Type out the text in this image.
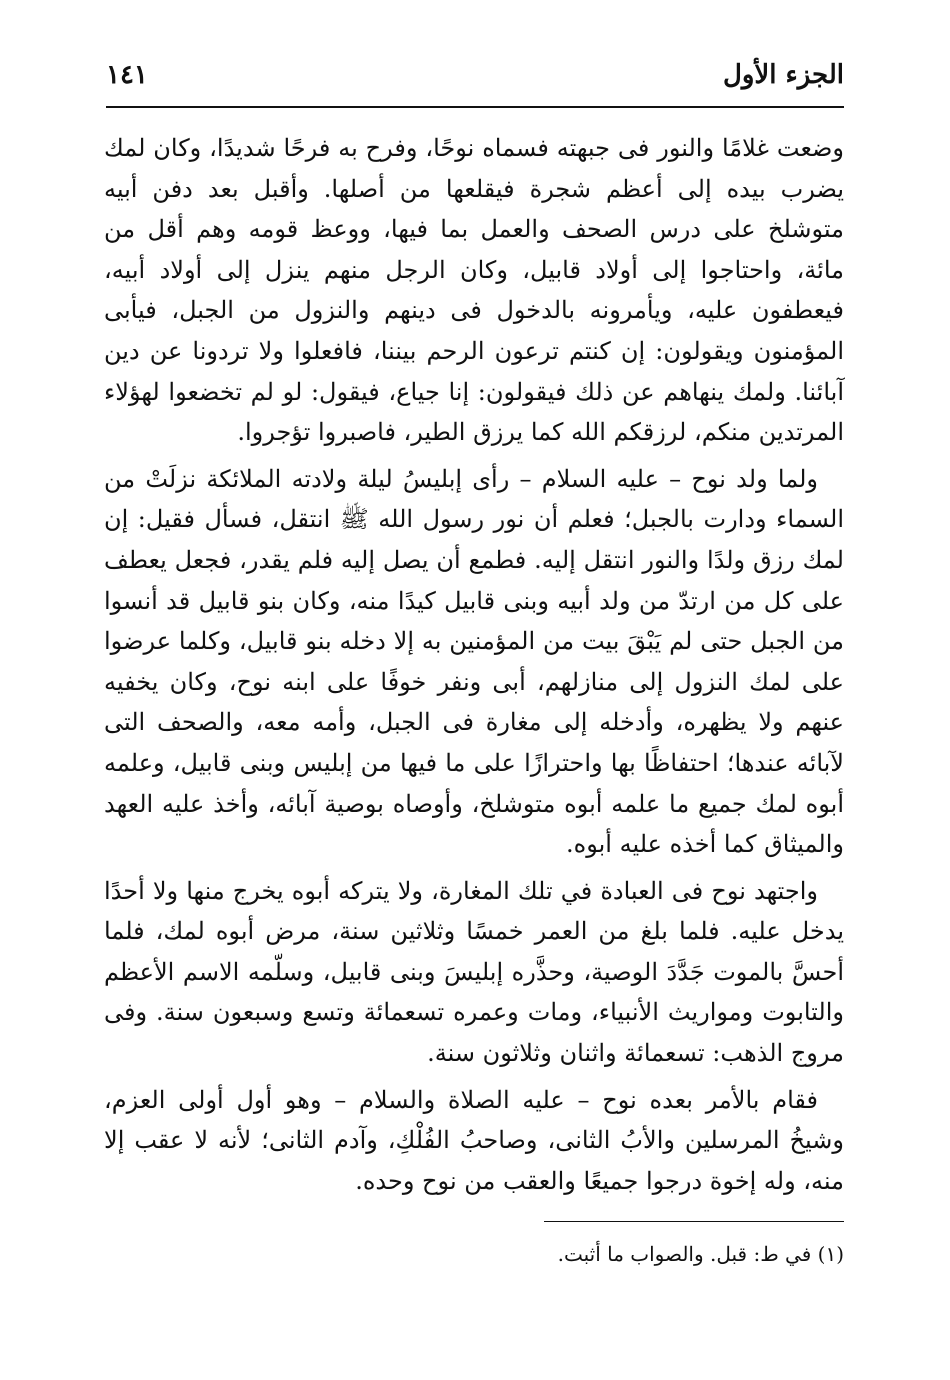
الجزء الأول
١٤١

وضعت غلامًا والنور فى جبهته فسماه نوحًا، وفرح به فرحًا شديدًا، وكان لمك يضرب بيده إلى أعظم شجرة فيقلعها من أصلها. وأقبل بعد دفن أبيه متوشلخ على درس الصحف والعمل بما فيها، ووعظ قومه وهم أقل من مائة، واحتاجوا إلى أولاد قابيل، وكان الرجل منهم ينزل إلى أولاد أبيه، فيعطفون عليه، ويأمرونه بالدخول فى دينهم والنزول من الجبل، فيأبى المؤمنون ويقولون: إن كنتم ترعون الرحم بيننا، فافعلوا ولا تردونا عن دين آبائنا. ولمك ينهاهم عن ذلك فيقولون: إنا جياع، فيقول: لو لم تخضعوا لهؤلاء المرتدين منكم، لرزقكم الله كما يرزق الطير، فاصبروا تؤجروا.

ولما ولد نوح – عليه السلام – رأى إبليسُ ليلة ولادته الملائكة نزلَتْ من السماء ودارت بالجبل؛ فعلم أن نور رسول الله ﷺ انتقل، فسأل فقيل: إن لمك رزق ولدًا والنور انتقل إليه. فطمع أن يصل إليه فلم يقدر، فجعل يعطف على كل من ارتدّ من ولد أبيه وبنى قابيل كيدًا منه، وكان بنو قابيل قد أنسوا من الجبل حتى لم يَبْقَ بيت من المؤمنين به إلا دخله بنو قابيل، وكلما عرضوا على لمك النزول إلى منازلهم، أبى ونفر خوفًا على ابنه نوح، وكان يخفيه عنهم ولا يظهره، وأدخله إلى مغارة فى الجبل، وأمه معه، والصحف التى لآبائه عندها؛ احتفاظًا بها واحترازًا على ما فيها من إبليس وبنى قابيل، وعلمه أبوه لمك جميع ما علمه أبوه متوشلخ، وأوصاه بوصية آبائه، وأخذ عليه العهد والميثاق كما أخذه عليه أبوه.

واجتهد نوح فى العبادة في تلك المغارة، ولا يتركه أبوه يخرج منها ولا أحدًا يدخل عليه. فلما بلغ من العمر خمسًا وثلاثين سنة، مرض أبوه لمك، فلما أحسَّ بالموت جَدَّدَ الوصية، وحذَّره إبليسَ وبنى قابيل، وسلّمه الاسم الأعظم والتابوت ومواريث الأنبياء، ومات وعمره تسعمائة وتسع وسبعون سنة. وفى مروج الذهب: تسعمائة واثنان وثلاثون سنة.

فقام بالأمر بعده نوح – عليه الصلاة والسلام – وهو أول أولى العزم، وشيخُ المرسلين والأبُ الثانى، وصاحبُ الفُلْكِ، وآدم الثانى؛ لأنه لا عقب إلا منه، وله إخوة درجوا جميعًا والعقب من نوح وحده.

(١) في ط: قبل. والصواب ما أثبت.
